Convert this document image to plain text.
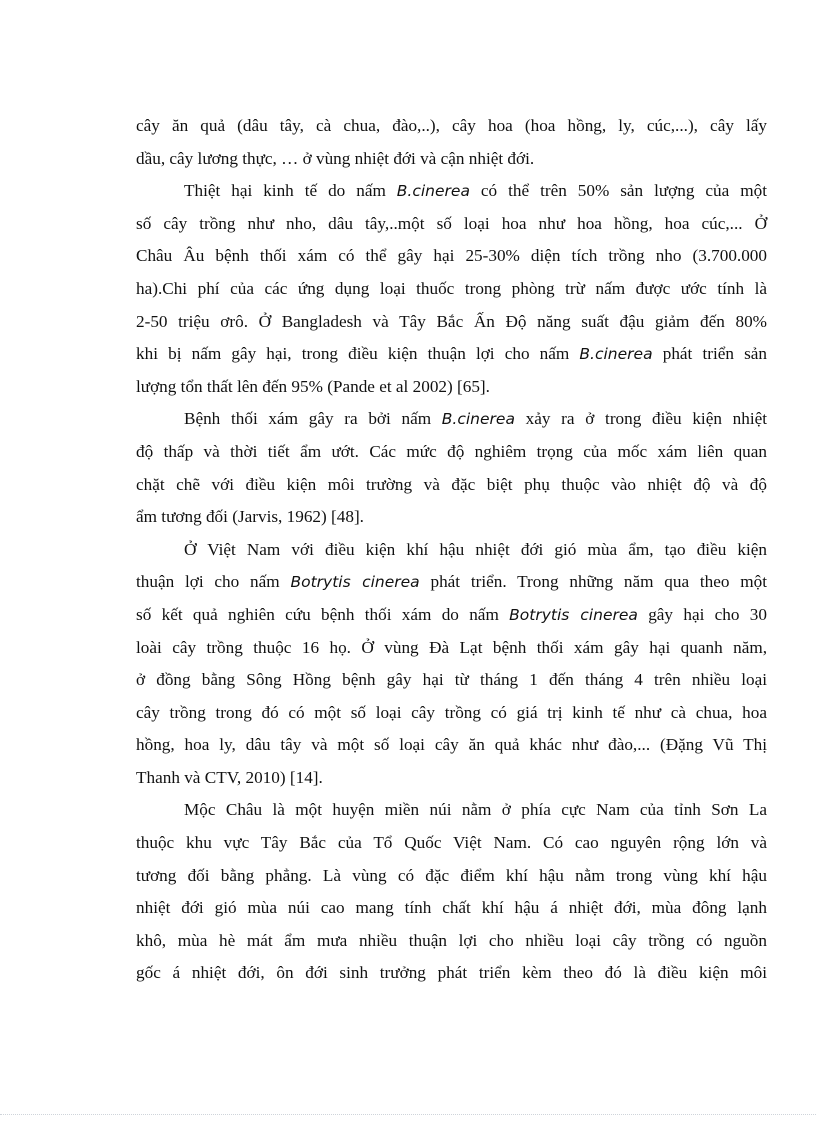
cây ăn quả (dâu tây, cà chua, đào,..), cây hoa (hoa hồng, ly, cúc,...), cây lấy
dầu, cây lương thực, … ở vùng nhiệt đới và cận nhiệt đới.

Thiệt hại kinh tế do nấm B.cinerea có thể trên 50% sản lượng của một
số cây trồng như nho, dâu tây,..một số loại hoa như hoa hồng, hoa cúc,... Ở
Châu Âu bệnh thối xám có thể gây hại 25-30% diện tích trồng nho (3.700.000
ha).Chi phí của các ứng dụng loại thuốc trong phòng trừ nấm được ước tính là
2-50 triệu ơrô. Ở Bangladesh và Tây Bắc Ấn Độ năng suất đậu giảm đến 80%
khi bị nấm gây hại, trong điều kiện thuận lợi cho nấm B.cinerea phát triển sản
lượng tổn thất lên đến 95% (Pande et al 2002) [65].

Bệnh thối xám gây ra bởi nấm B.cinerea xảy ra ở trong điều kiện nhiệt
độ thấp và thời tiết ẩm ướt. Các mức độ nghiêm trọng của mốc xám liên quan
chặt chẽ với điều kiện môi trường và đặc biệt phụ thuộc vào nhiệt độ và độ
ẩm tương đối (Jarvis, 1962) [48].

Ở Việt Nam với điều kiện khí hậu nhiệt đới gió mùa ẩm, tạo điều kiện
thuận lợi cho nấm Botrytis cinerea phát triển. Trong những năm qua theo một
số kết quả nghiên cứu bệnh thối xám do nấm Botrytis cinerea gây hại cho 30
loài cây trồng thuộc 16 họ. Ở vùng Đà Lạt bệnh thối xám gây hại quanh năm,
ở đồng bằng Sông Hồng bệnh gây hại từ tháng 1 đến tháng 4 trên nhiều loại
cây trồng trong đó có một số loại cây trồng có giá trị kinh tế như cà chua, hoa
hồng, hoa ly, dâu tây và một số loại cây ăn quả khác như đào,... (Đặng Vũ Thị
Thanh và CTV, 2010) [14].

Mộc Châu là một huyện miền núi nằm ở phía cực Nam của tỉnh Sơn La
thuộc khu vực Tây Bắc của Tổ Quốc Việt Nam. Có cao nguyên rộng lớn và
tương đối bằng phẳng. Là vùng có đặc điểm khí hậu nằm trong vùng khí hậu
nhiệt đới gió mùa núi cao mang tính chất khí hậu á nhiệt đới, mùa đông lạnh
khô, mùa hè mát ẩm mưa nhiều thuận lợi cho nhiều loại cây trồng có nguồn
gốc á nhiệt đới, ôn đới sinh trưởng phát triển kèm theo đó là điều kiện môi
